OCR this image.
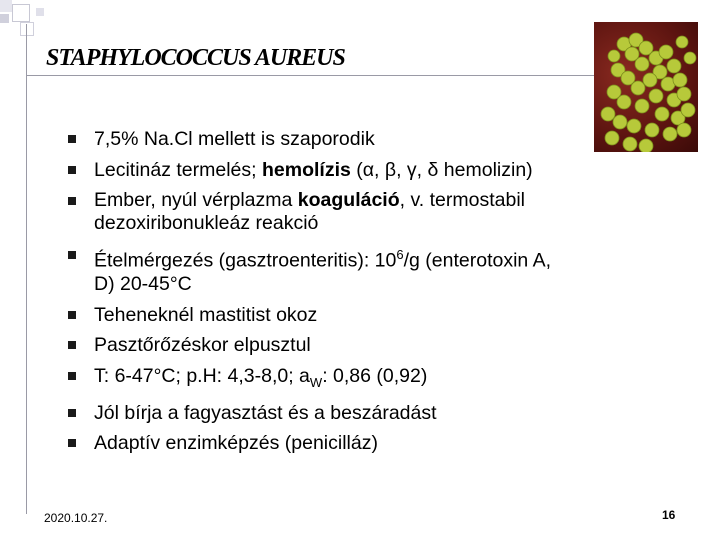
STAPHYLOCOCCUS AUREUS
7,5% Na.Cl mellett is szaporodik
Lecitináz termelés; hemolízis (α, β, γ, δ hemolizin)
Ember, nyúl vérplazma koaguláció, v. termostabil
dezoxiribonukleáz reakció
Ételmérgezés (gasztroenteritis): $10^6/g$ (enterotoxin A,
D) 20-45°C
Teheneknél mastitist okoz
Pasztőrőzéskor elpusztul
T: 6-47°C; p.H: 4,3-8,0; $a_W$: 0,86 (0,92)
Jól bírja a fagyasztást és a beszáradást
Adaptív enzimképzés (penicilláz)
2020.10.27.	16
